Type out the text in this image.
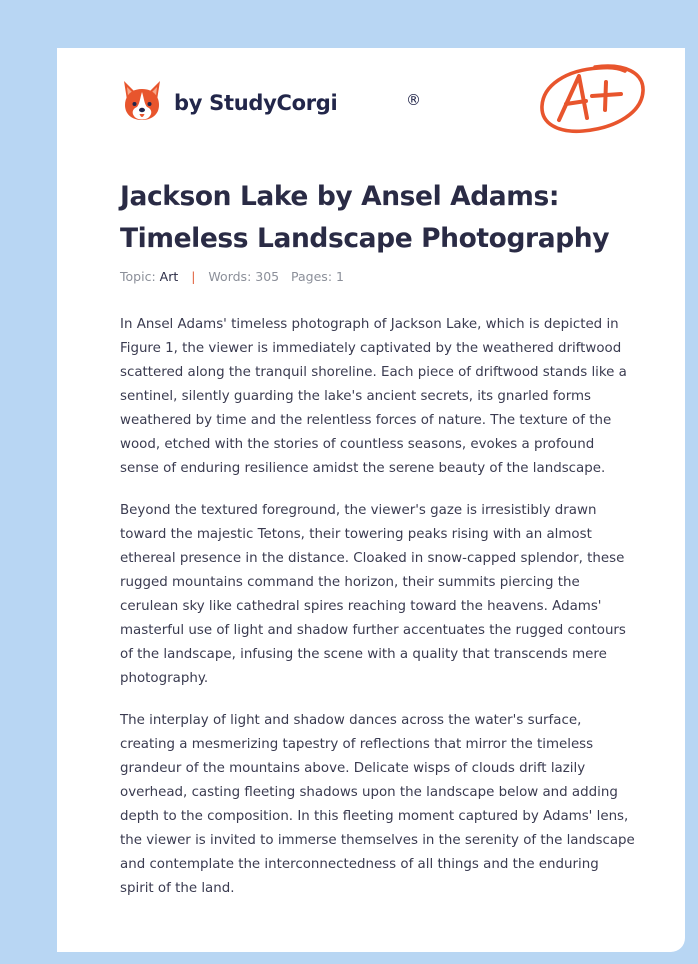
by StudyCorgi	®
Jackson Lake by Ansel Adams: Timeless Landscape Photography
Topic: Art | Words: 305 Pages: 1

In Ansel Adams' timeless photograph of Jackson Lake, which is depicted in Figure 1, the viewer is immediately captivated by the weathered driftwood scattered along the tranquil shoreline. Each piece of driftwood stands like a sentinel, silently guarding the lake's ancient secrets, its gnarled forms weathered by time and the relentless forces of nature. The texture of the wood, etched with the stories of countless seasons, evokes a profound sense of enduring resilience amidst the serene beauty of the landscape.

Beyond the textured foreground, the viewer's gaze is irresistibly drawn toward the majestic Tetons, their towering peaks rising with an almost ethereal presence in the distance. Cloaked in snow-capped splendor, these rugged mountains command the horizon, their summits piercing the cerulean sky like cathedral spires reaching toward the heavens. Adams' masterful use of light and shadow further accentuates the rugged contours of the landscape, infusing the scene with a quality that transcends mere photography.

The interplay of light and shadow dances across the water's surface, creating a mesmerizing tapestry of reflections that mirror the timeless grandeur of the mountains above. Delicate wisps of clouds drift lazily overhead, casting fleeting shadows upon the landscape below and adding depth to the composition. In this fleeting moment captured by Adams' lens, the viewer is invited to immerse themselves in the serenity of the landscape and contemplate the interconnectedness of all things and the enduring spirit of the land.
